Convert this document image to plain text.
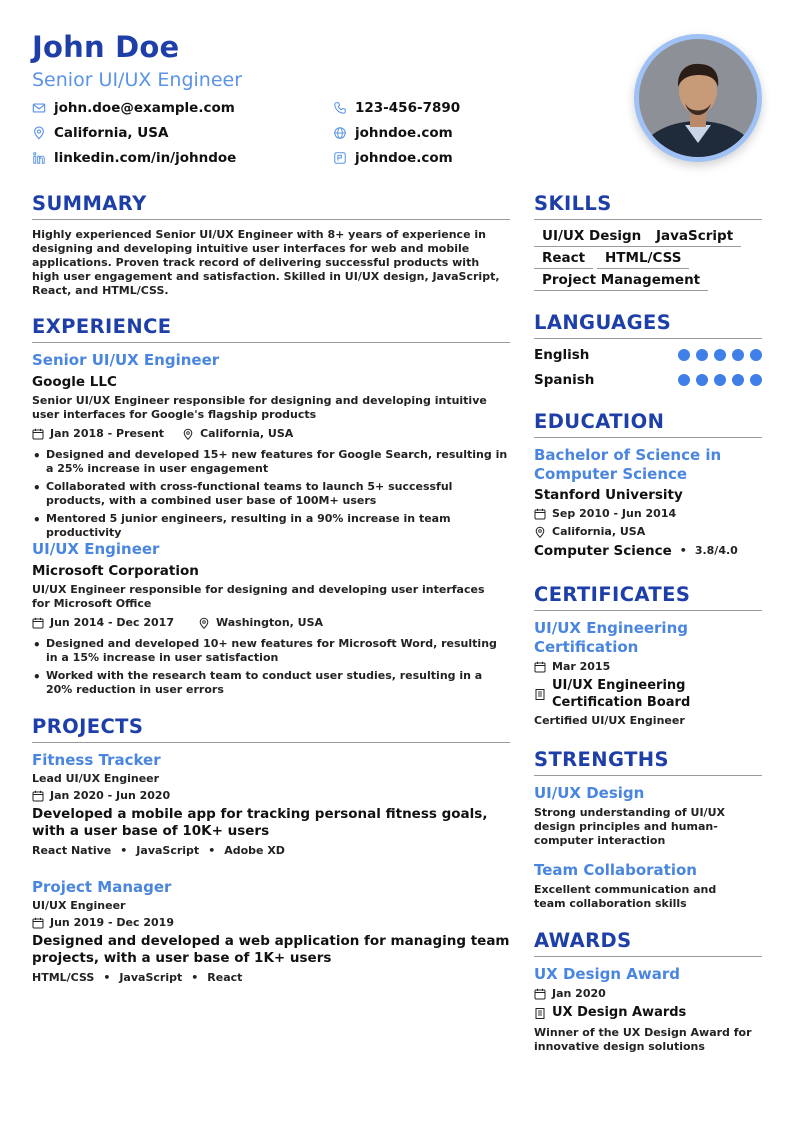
John Doe
Senior UI/UX Engineer
john.doe@example.com	123-456-7890
California, USA	johndoe.com
linkedin.com/in/johndoe	johndoe.com
SUMMARY
Highly experienced Senior UI/UX Engineer with 8+ years of experience in designing and developing intuitive user interfaces for web and mobile applications. Proven track record of delivering successful products with high user engagement and satisfaction. Skilled in UI/UX design, JavaScript, React, and HTML/CSS.
EXPERIENCE
Senior UI/UX Engineer
Google LLC
Senior UI/UX Engineer responsible for designing and developing intuitive user interfaces for Google's flagship products
Jan 2018 - Present	California, USA
• Designed and developed 15+ new features for Google Search, resulting in a 25% increase in user engagement
• Collaborated with cross-functional teams to launch 5+ successful products, with a combined user base of 100M+ users
• Mentored 5 junior engineers, resulting in a 90% increase in team productivity
UI/UX Engineer
Microsoft Corporation
UI/UX Engineer responsible for designing and developing user interfaces for Microsoft Office
Jun 2014 - Dec 2017	Washington, USA
• Designed and developed 10+ new features for Microsoft Word, resulting in a 15% increase in user satisfaction
• Worked with the research team to conduct user studies, resulting in a 20% reduction in user errors
PROJECTS
Fitness Tracker
Lead UI/UX Engineer
Jan 2020 - Jun 2020
Developed a mobile app for tracking personal fitness goals, with a user base of 10K+ users
React Native • JavaScript • Adobe XD
Project Manager
UI/UX Engineer
Jun 2019 - Dec 2019
Designed and developed a web application for managing team projects, with a user base of 1K+ users
HTML/CSS • JavaScript • React
SKILLS
UI/UX Design	JavaScript
React	HTML/CSS
Project Management
LANGUAGES
English
Spanish
EDUCATION
Bachelor of Science in Computer Science
Stanford University
Sep 2010 - Jun 2014
California, USA
Computer Science • 3.8/4.0
CERTIFICATES
UI/UX Engineering Certification
Mar 2015
UI/UX Engineering Certification Board
Certified UI/UX Engineer
STRENGTHS
UI/UX Design
Strong understanding of UI/UX design principles and human-computer interaction
Team Collaboration
Excellent communication and team collaboration skills
AWARDS
UX Design Award
Jan 2020
UX Design Awards
Winner of the UX Design Award for innovative design solutions
